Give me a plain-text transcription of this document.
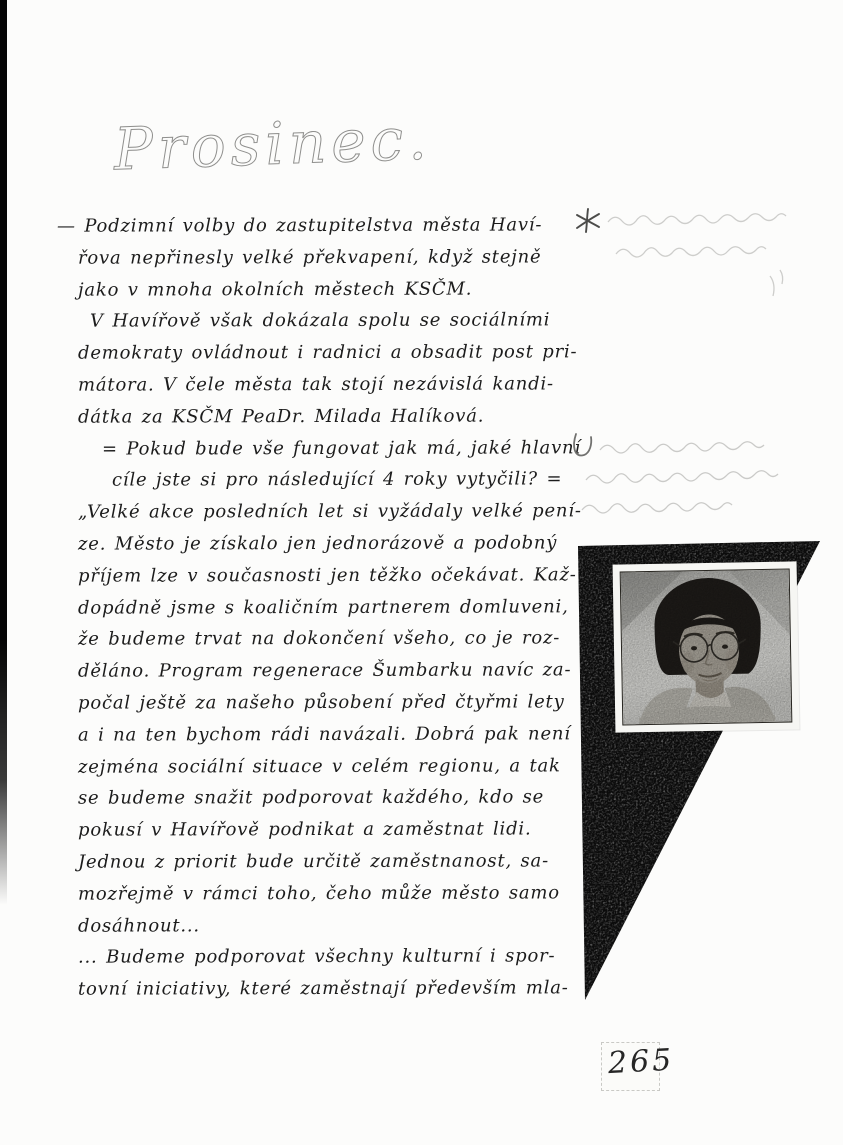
Prosinec.
— Podzimní volby do zastupitelstva města Haví-
řova nepřinesly velké překvapení, když stejně
jako v mnoha okolních městech KSČM.
V Havířově však dokázala spolu se sociálními
demokraty ovládnout i radnici a obsadit post pri-
mátora. V čele města tak stojí nezávislá kandi-
dátka za KSČM PeaDr. Milada Halíková.
= Pokud bude vše fungovat jak má, jaké hlavní
cíle jste si pro následující 4 roky vytyčili? =
„Velké akce posledních let si vyžádaly velké pení-
ze. Město je získalo jen jednorázově a podobný
příjem lze v současnosti jen těžko očekávat. Kaž-
dopádně jsme s koaličním partnerem domluveni,
že budeme trvat na dokončení všeho, co je roz-
děláno. Program regenerace Šumbarku navíc za-
počal ještě za našeho působení před čtyřmi lety
a i na ten bychom rádi navázali. Dobrá pak není
zejména sociální situace v celém regionu, a tak
se budeme snažit podporovat každého, kdo se
pokusí v Havířově podnikat a zaměstnat lidi.
Jednou z priorit bude určitě zaměstnanost, sa-
mozřejmě v rámci toho, čeho může město samo
dosáhnout...
... Budeme podporovat všechny kulturní i spor-
tovní iniciativy, které zaměstnají především mla-
265
